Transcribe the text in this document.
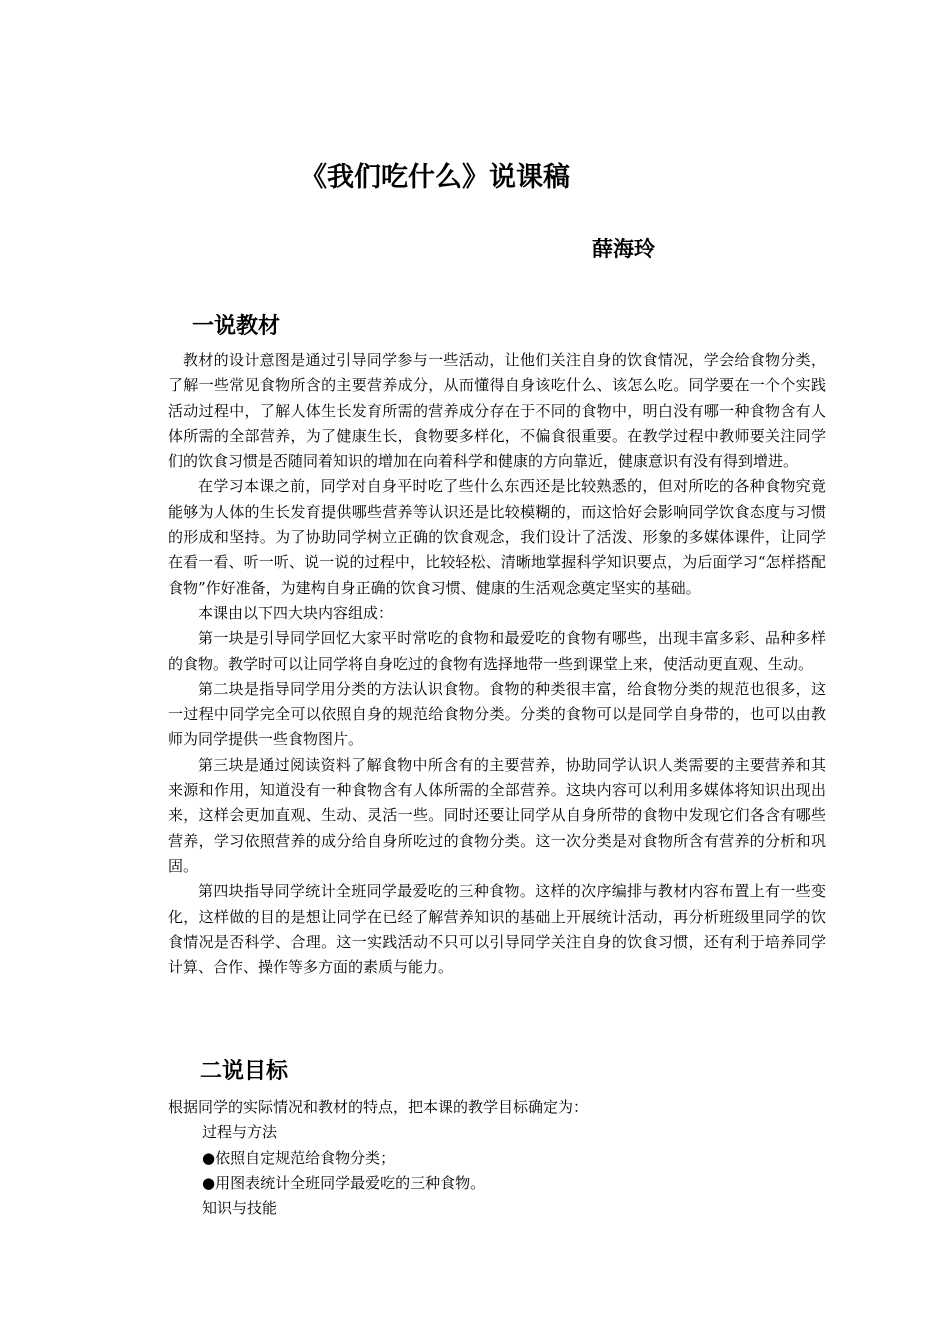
《我们吃什么》说课稿
薛海玲
一说教材

教材的设计意图是通过引导同学参与一些活动，让他们关注自身的饮食情况，学会给食物分类，了解一些常见食物所含的主要营养成分，从而懂得自身该吃什么、该怎么吃。同学要在一个个实践活动过程中，了解人体生长发育所需的营养成分存在于不同的食物中，明白没有哪一种食物含有人体所需的全部营养，为了健康生长，食物要多样化，不偏食很重要。在教学过程中教师要关注同学们的饮食习惯是否随同着知识的增加在向着科学和健康的方向靠近，健康意识有没有得到增进。

在学习本课之前，同学对自身平时吃了些什么东西还是比较熟悉的，但对所吃的各种食物究竟能够为人体的生长发育提供哪些营养等认识还是比较模糊的，而这恰好会影响同学饮食态度与习惯的形成和坚持。为了协助同学树立正确的饮食观念，我们设计了活泼、形象的多媒体课件，让同学在看一看、听一听、说一说的过程中，比较轻松、清晰地掌握科学知识要点，为后面学习“怎样搭配食物”作好准备，为建构自身正确的饮食习惯、健康的生活观念奠定坚实的基础。

本课由以下四大块内容组成：

第一块是引导同学回忆大家平时常吃的食物和最爱吃的食物有哪些，出现丰富多彩、品种多样的食物。教学时可以让同学将自身吃过的食物有选择地带一些到课堂上来，使活动更直观、生动。

第二块是指导同学用分类的方法认识食物。食物的种类很丰富，给食物分类的规范也很多，这一过程中同学完全可以依照自身的规范给食物分类。分类的食物可以是同学自身带的，也可以由教师为同学提供一些食物图片。

第三块是通过阅读资料了解食物中所含有的主要营养，协助同学认识人类需要的主要营养和其来源和作用，知道没有一种食物含有人体所需的全部营养。这块内容可以利用多媒体将知识出现出来，这样会更加直观、生动、灵活一些。同时还要让同学从自身所带的食物中发现它们各含有哪些营养，学习依照营养的成分给自身所吃过的食物分类。这一次分类是对食物所含有营养的分析和巩固。

第四块指导同学统计全班同学最爱吃的三种食物。这样的次序编排与教材内容布置上有一些变化，这样做的目的是想让同学在已经了解营养知识的基础上开展统计活动，再分析班级里同学的饮食情况是否科学、合理。这一实践活动不只可以引导同学关注自身的饮食习惯，还有利于培养同学计算、合作、操作等多方面的素质与能力。

二说目标

根据同学的实际情况和教材的特点，把本课的教学目标确定为：

过程与方法

●依照自定规范给食物分类；

●用图表统计全班同学最爱吃的三种食物。

知识与技能
